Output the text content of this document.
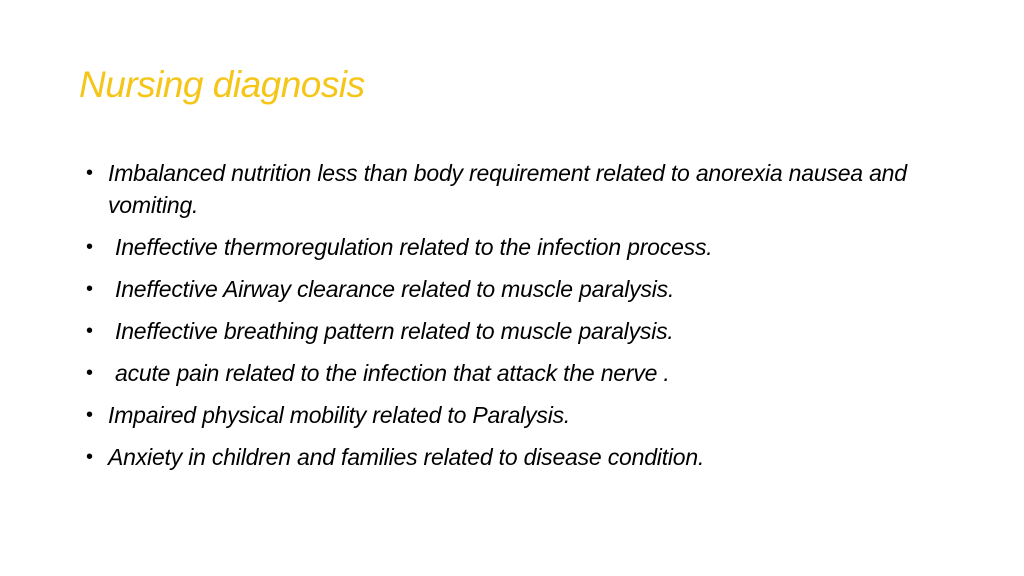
Nursing diagnosis
• Imbalanced nutrition less than body requirement related to anorexia nausea and vomiting.
• Ineffective thermoregulation related to the infection process.
• Ineffective Airway clearance related to muscle paralysis.
• Ineffective breathing pattern related to muscle paralysis.
• acute pain related to the infection that attack the nerve .
• Impaired physical mobility related to Paralysis.
• Anxiety in children and families related to disease condition.
